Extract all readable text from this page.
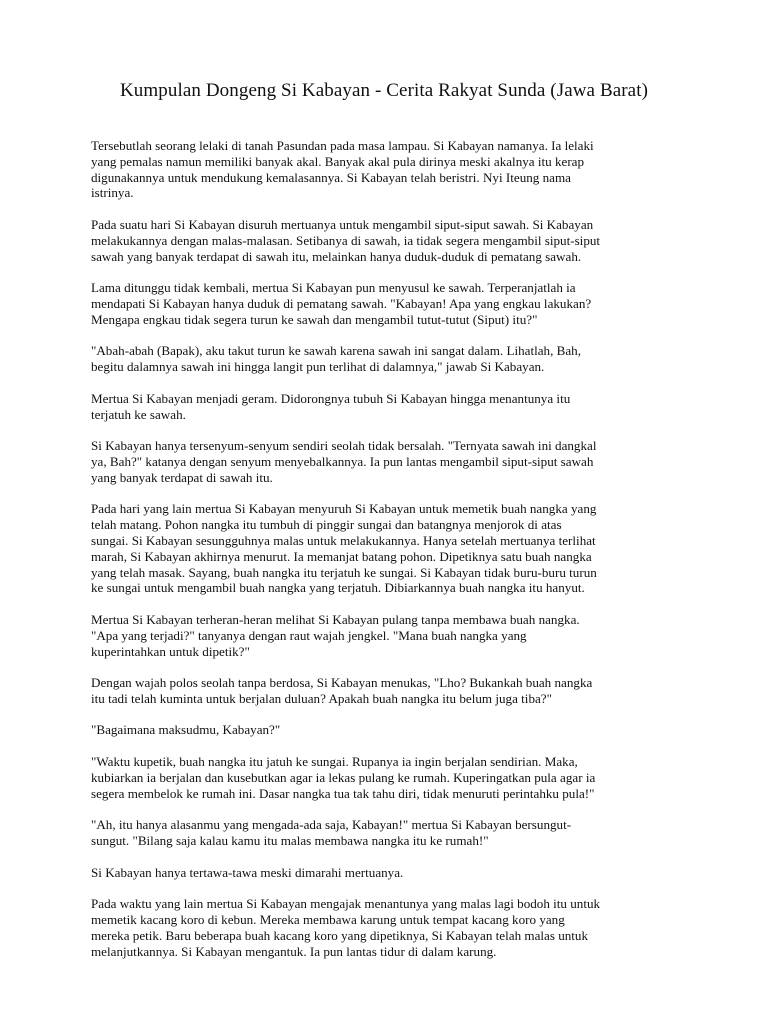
Kumpulan Dongeng Si Kabayan - Cerita Rakyat Sunda (Jawa Barat)

Tersebutlah seorang lelaki di tanah Pasundan pada masa lampau. Si Kabayan namanya. Ia lelaki
yang pemalas namun memiliki banyak akal. Banyak akal pula dirinya meski akalnya itu kerap
digunakannya untuk mendukung kemalasannya. Si Kabayan telah beristri. Nyi Iteung nama
istrinya.

Pada suatu hari Si Kabayan disuruh mertuanya untuk mengambil siput-siput sawah. Si Kabayan
melakukannya dengan malas-malasan. Setibanya di sawah, ia tidak segera mengambil siput-siput
sawah yang banyak terdapat di sawah itu, melainkan hanya duduk-duduk di pematang sawah.

Lama ditunggu tidak kembali, mertua Si Kabayan pun menyusul ke sawah. Terperanjatlah ia
mendapati Si Kabayan hanya duduk di pematang sawah. "Kabayan! Apa yang engkau lakukan?
Mengapa engkau tidak segera turun ke sawah dan mengambil tutut-tutut (Siput) itu?"

"Abah-abah (Bapak), aku takut turun ke sawah karena sawah ini sangat dalam. Lihatlah, Bah,
begitu dalamnya sawah ini hingga langit pun terlihat di dalamnya," jawab Si Kabayan.

Mertua Si Kabayan menjadi geram. Didorongnya tubuh Si Kabayan hingga menantunya itu
terjatuh ke sawah.

Si Kabayan hanya tersenyum-senyum sendiri seolah tidak bersalah. "Ternyata sawah ini dangkal
ya, Bah?" katanya dengan senyum menyebalkannya. Ia pun lantas mengambil siput-siput sawah
yang banyak terdapat di sawah itu.

Pada hari yang lain mertua Si Kabayan menyuruh Si Kabayan untuk memetik buah nangka yang
telah matang. Pohon nangka itu tumbuh di pinggir sungai dan batangnya menjorok di atas
sungai. Si Kabayan sesungguhnya malas untuk melakukannya. Hanya setelah mertuanya terlihat
marah, Si Kabayan akhirnya menurut. Ia memanjat batang pohon. Dipetiknya satu buah nangka
yang telah masak. Sayang, buah nangka itu terjatuh ke sungai. Si Kabayan tidak buru-buru turun
ke sungai untuk mengambil buah nangka yang terjatuh. Dibiarkannya buah nangka itu hanyut.

Mertua Si Kabayan terheran-heran melihat Si Kabayan pulang tanpa membawa buah nangka.
"Apa yang terjadi?" tanyanya dengan raut wajah jengkel. "Mana buah nangka yang
kuperintahkan untuk dipetik?"

Dengan wajah polos seolah tanpa berdosa, Si Kabayan menukas, "Lho? Bukankah buah nangka
itu tadi telah kuminta untuk berjalan duluan? Apakah buah nangka itu belum juga tiba?"

"Bagaimana maksudmu, Kabayan?"

"Waktu kupetik, buah nangka itu jatuh ke sungai. Rupanya ia ingin berjalan sendirian. Maka,
kubiarkan ia berjalan dan kusebutkan agar ia lekas pulang ke rumah. Kuperingatkan pula agar ia
segera membelok ke rumah ini. Dasar nangka tua tak tahu diri, tidak menuruti perintahku pula!"

"Ah, itu hanya alasanmu yang mengada-ada saja, Kabayan!" mertua Si Kabayan bersungut-
sungut. "Bilang saja kalau kamu itu malas membawa nangka itu ke rumah!"

Si Kabayan hanya tertawa-tawa meski dimarahi mertuanya.

Pada waktu yang lain mertua Si Kabayan mengajak menantunya yang malas lagi bodoh itu untuk
memetik kacang koro di kebun. Mereka membawa karung untuk tempat kacang koro yang
mereka petik. Baru beberapa buah kacang koro yang dipetiknya, Si Kabayan telah malas untuk
melanjutkannya. Si Kabayan mengantuk. Ia pun lantas tidur di dalam karung.
